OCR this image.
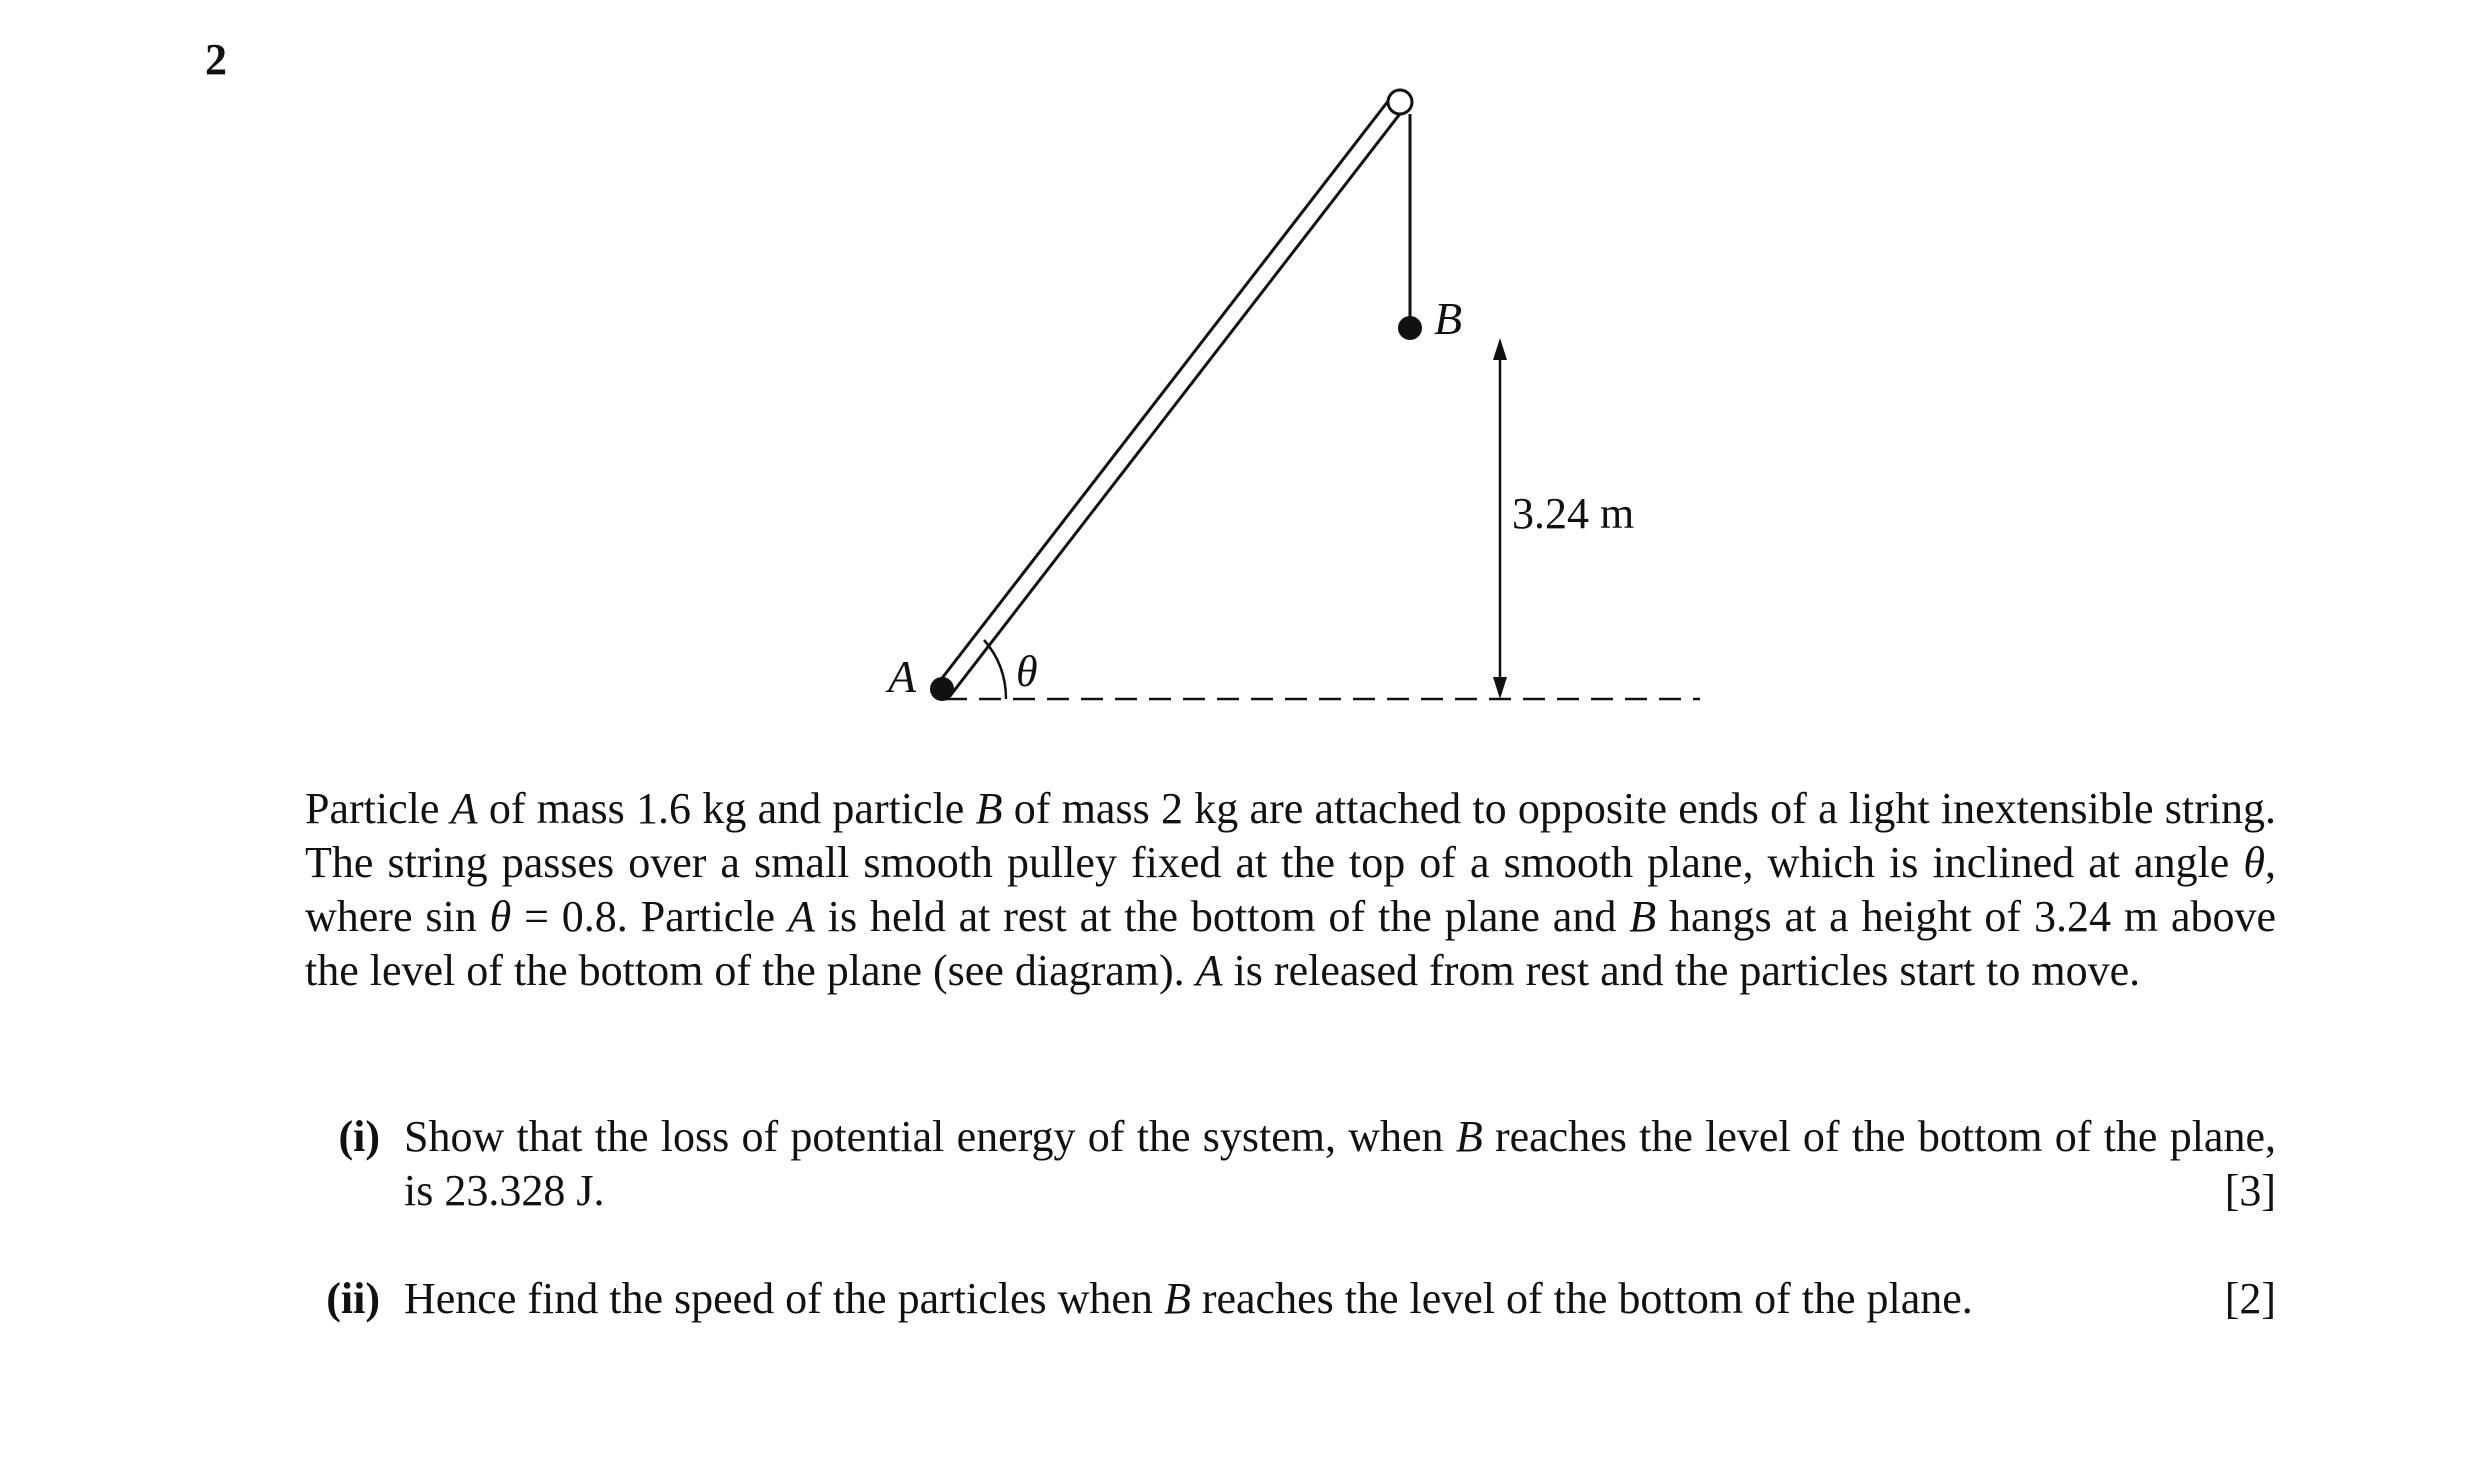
2
A
B
θ
3.24 m
Particle A of mass 1.6 kg and particle B of mass 2 kg are attached to opposite ends of a light inextensible string. The string passes over a small smooth pulley fixed at the top of a smooth plane, which is inclined at angle θ, where sin θ = 0.8. Particle A is held at rest at the bottom of the plane and B hangs at a height of 3.24 m above the level of the bottom of the plane (see diagram). A is released from rest and the particles start to move.
(i) Show that the loss of potential energy of the system, when B reaches the level of the bottom of the plane, is 23.328 J.	[3]
(ii) Hence find the speed of the particles when B reaches the level of the bottom of the plane.	[2]
